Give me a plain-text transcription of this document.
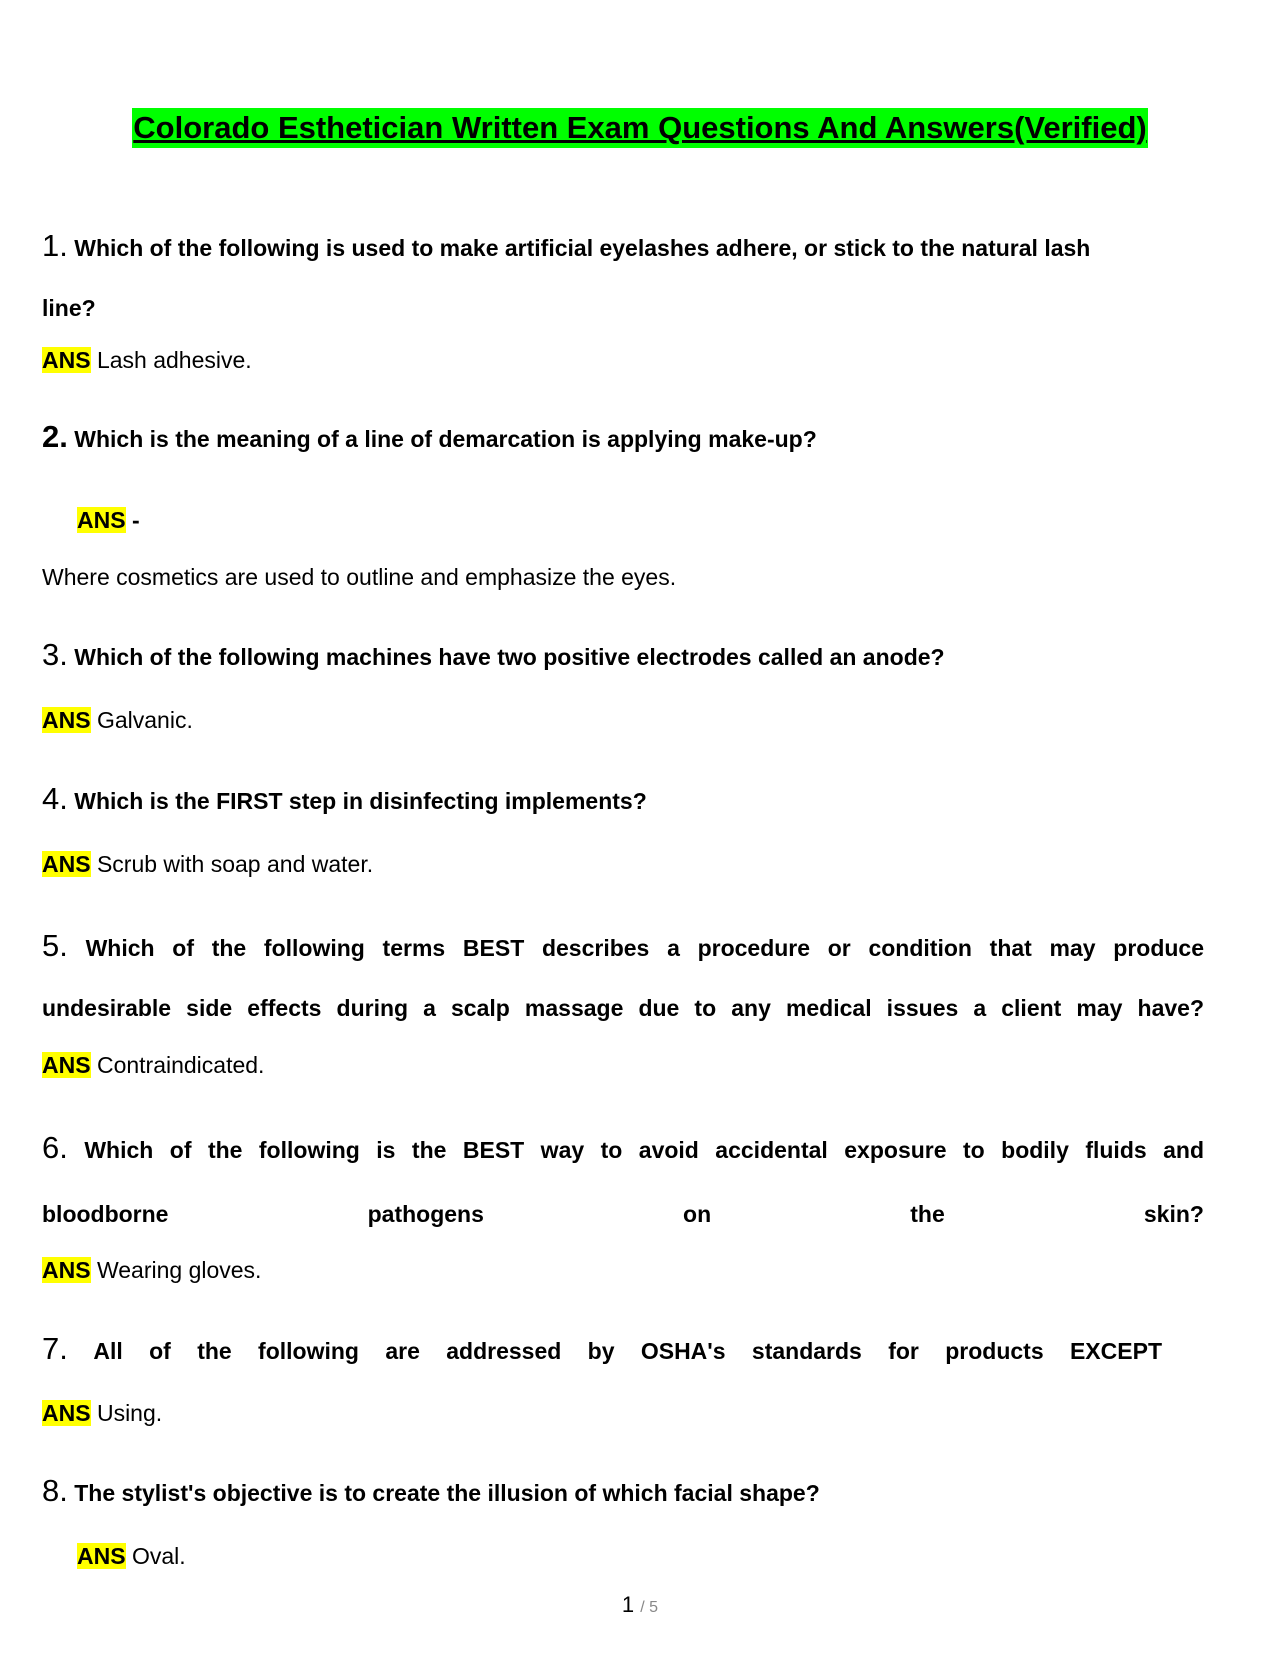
Colorado Esthetician Written Exam Questions And Answers(Verified)
1. Which of the following is used to make artificial eyelashes adhere, or stick to the natural lash
line?
ANS Lash adhesive.
2. Which is the meaning of a line of demarcation is applying make-up?
ANS -
Where cosmetics are used to outline and emphasize the eyes.
3. Which of the following machines have two positive electrodes called an anode?
ANS Galvanic.
4. Which is the FIRST step in disinfecting implements?
ANS Scrub with soap and water.
5. Which of the following terms BEST describes a procedure or condition that may produce
undesirable side effects during a scalp massage due to any medical issues a client may have?
ANS Contraindicated.
6. Which of the following is the BEST way to avoid accidental exposure to bodily fluids and
bloodborne	pathogens	on	the	skin?
ANS Wearing gloves.
7. All of the following are addressed by OSHA's standards for products EXCEPT
ANS Using.
8. The stylist's objective is to create the illusion of which facial shape?
ANS Oval.
1 / 5
